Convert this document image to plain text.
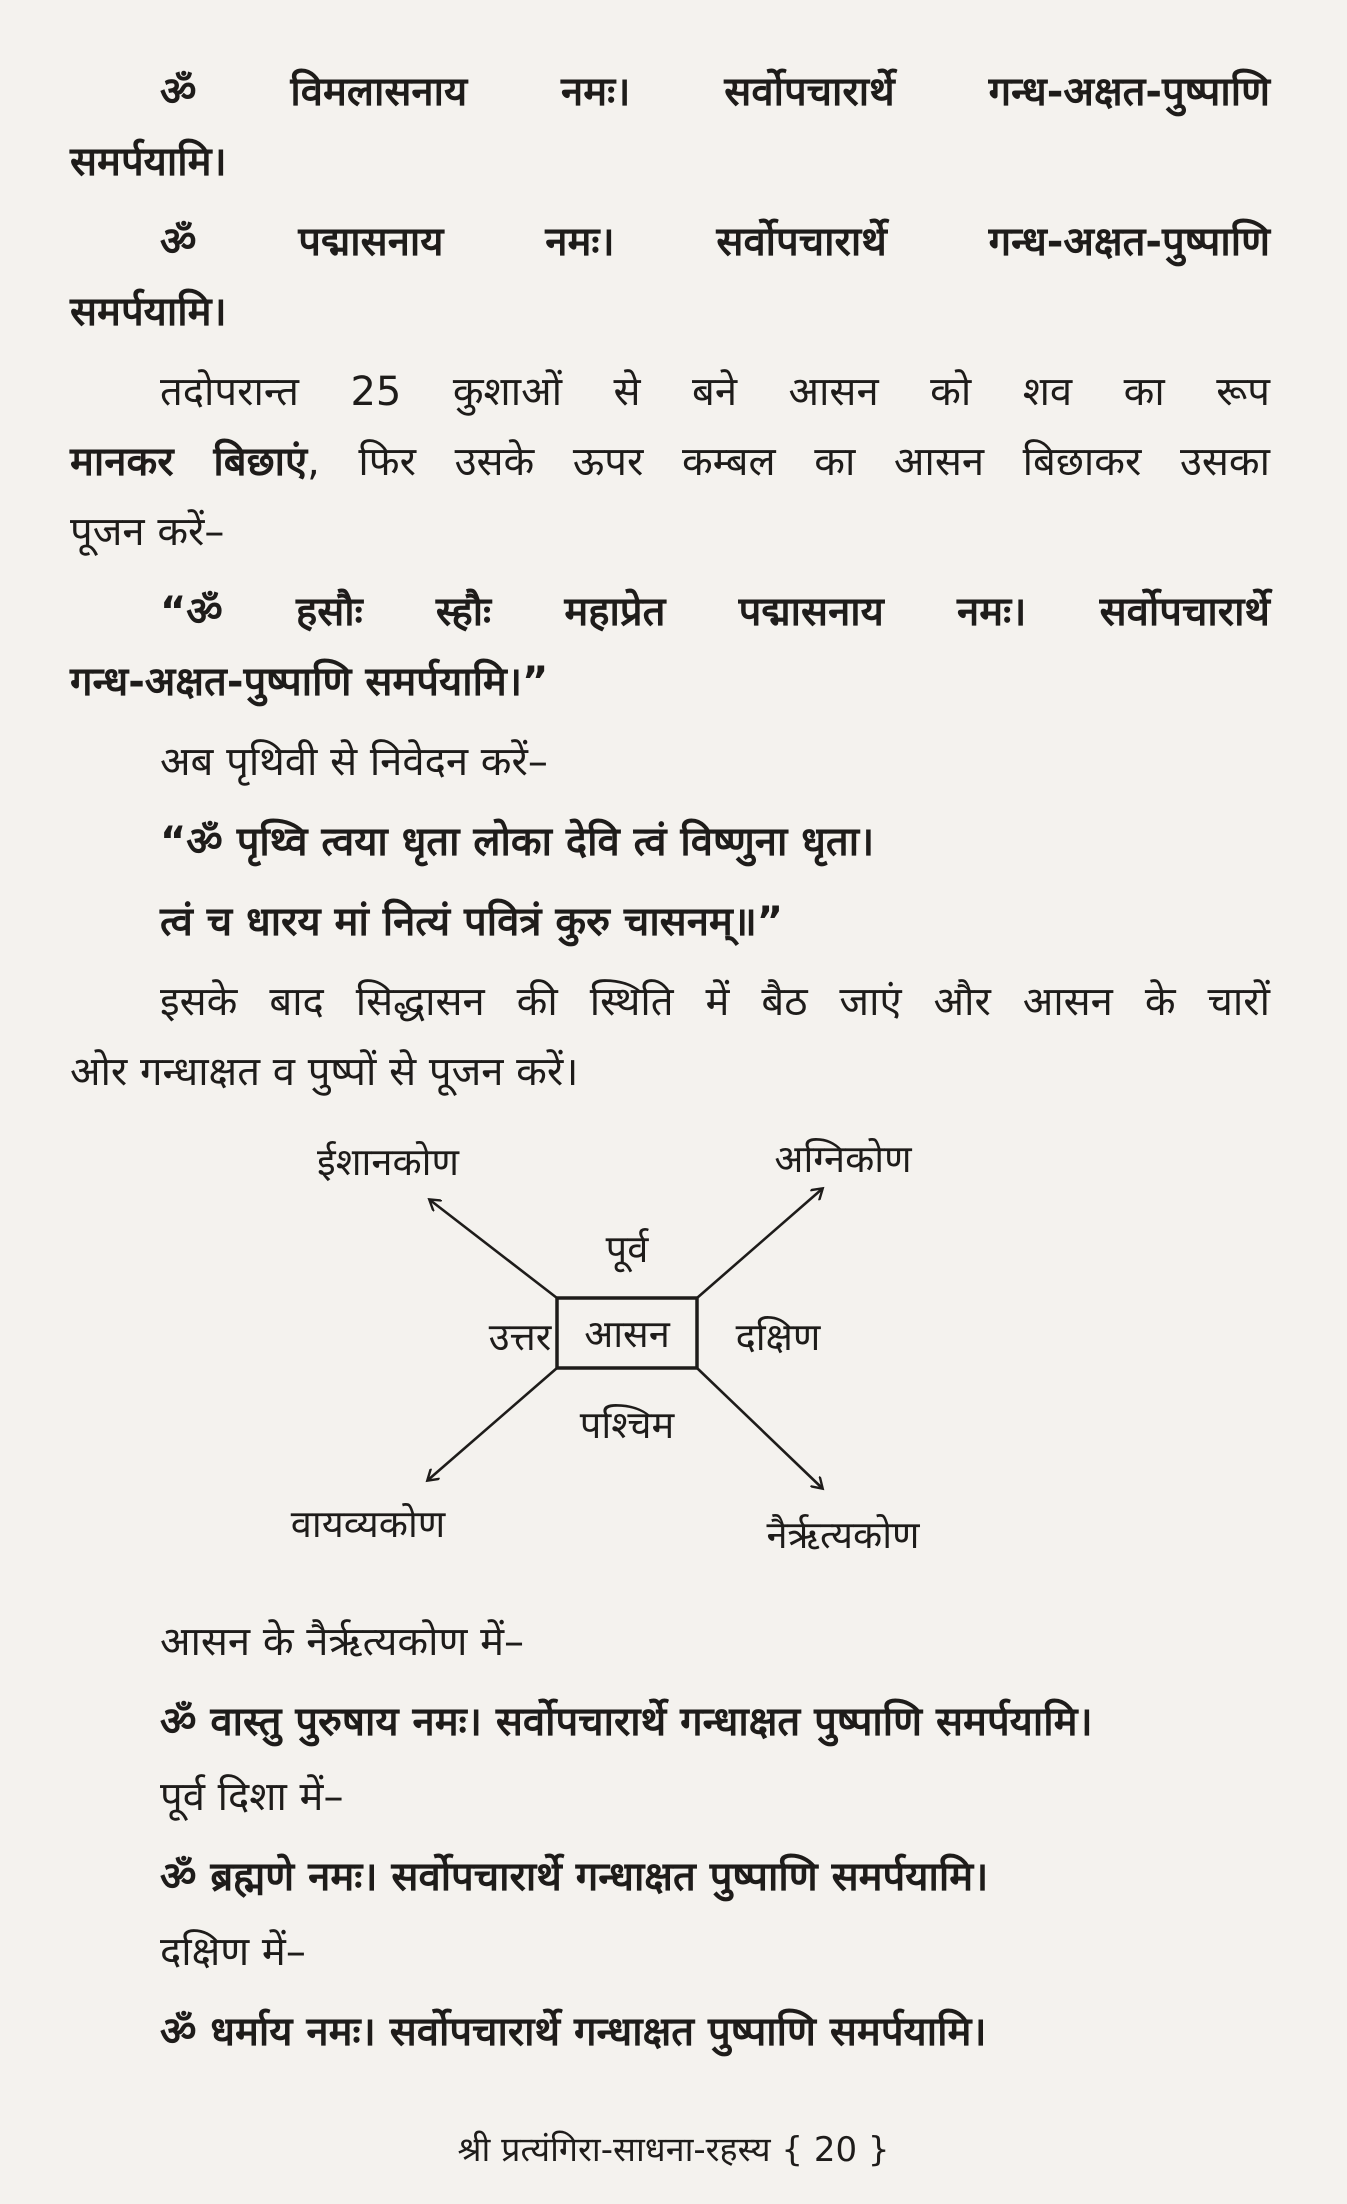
ॐ विमलासनाय नमः। सर्वोपचारार्थे गन्ध-अक्षत-पुष्पाणि
समर्पयामि।
ॐ पद्मासनाय नमः। सर्वोपचारार्थे गन्ध-अक्षत-पुष्पाणि
समर्पयामि।
तदोपरान्त 25 कुशाओं से बने आसन को शव का रूप
मानकर बिछाएं, फिर उसके ऊपर कम्बल का आसन बिछाकर उसका
पूजन करें–
“ॐ हसौः स्हौः महाप्रेत पद्मासनाय नमः। सर्वोपचारार्थे
गन्ध-अक्षत-पुष्पाणि समर्पयामि।”
अब पृथिवी से निवेदन करें–
“ॐ पृथ्वि त्वया धृता लोका देवि त्वं विष्णुना धृता।
त्वं च धारय मां नित्यं पवित्रं कुरु चासनम्॥”
इसके बाद सिद्धासन की स्थिति में बैठ जाएं और आसन के चारों
ओर गन्धाक्षत व पुष्पों से पूजन करें।
आसन
पूर्व
पश्चिम
उत्तर	दक्षिण
ईशानकोण	अग्निकोण
वायव्यकोण	नैर्ऋत्यकोण
आसन के नैर्ऋत्यकोण में–
ॐ वास्तु पुरुषाय नमः। सर्वोपचारार्थे गन्धाक्षत पुष्पाणि समर्पयामि।
पूर्व दिशा में–
ॐ ब्रह्मणे नमः। सर्वोपचारार्थे गन्धाक्षत पुष्पाणि समर्पयामि।
दक्षिण में–
ॐ धर्माय नमः। सर्वोपचारार्थे गन्धाक्षत पुष्पाणि समर्पयामि।
श्री प्रत्यंगिरा-साधना-रहस्य { 20 }
